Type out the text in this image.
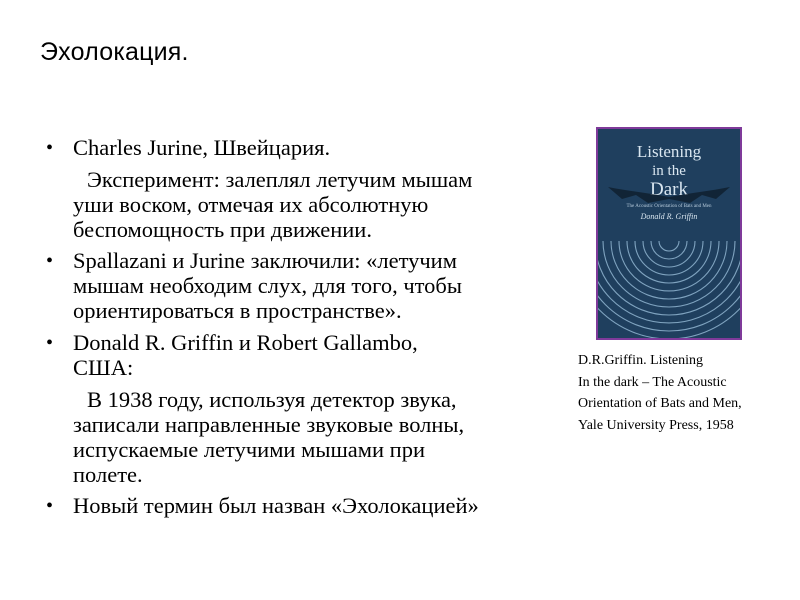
Эхолокация.
• Charles Jurine, Швейцария.
Эксперимент: залеплял летучим мышам
уши воском, отмечая их абсолютную
беспомощность при движении.
• Spallazani и Jurine заключили: «летучим
мышам необходим слух, для того, чтобы
ориентироваться в пространстве».
• Donald R. Griffin и Robert Gallambo,
США:
В 1938 году, используя детектор звука,
записали направленные звуковые волны,
испускаемые летучими мышами при
полете.
• Новый термин был назван «Эхолокацией»
Listening
in the
Dark
The Acoustic Orientation of Bats and Men
Donald R. Griffin
D.R.Griffin. Listening
In the dark – The Acoustic
Orientation of Bats and Men,
Yale University Press, 1958
